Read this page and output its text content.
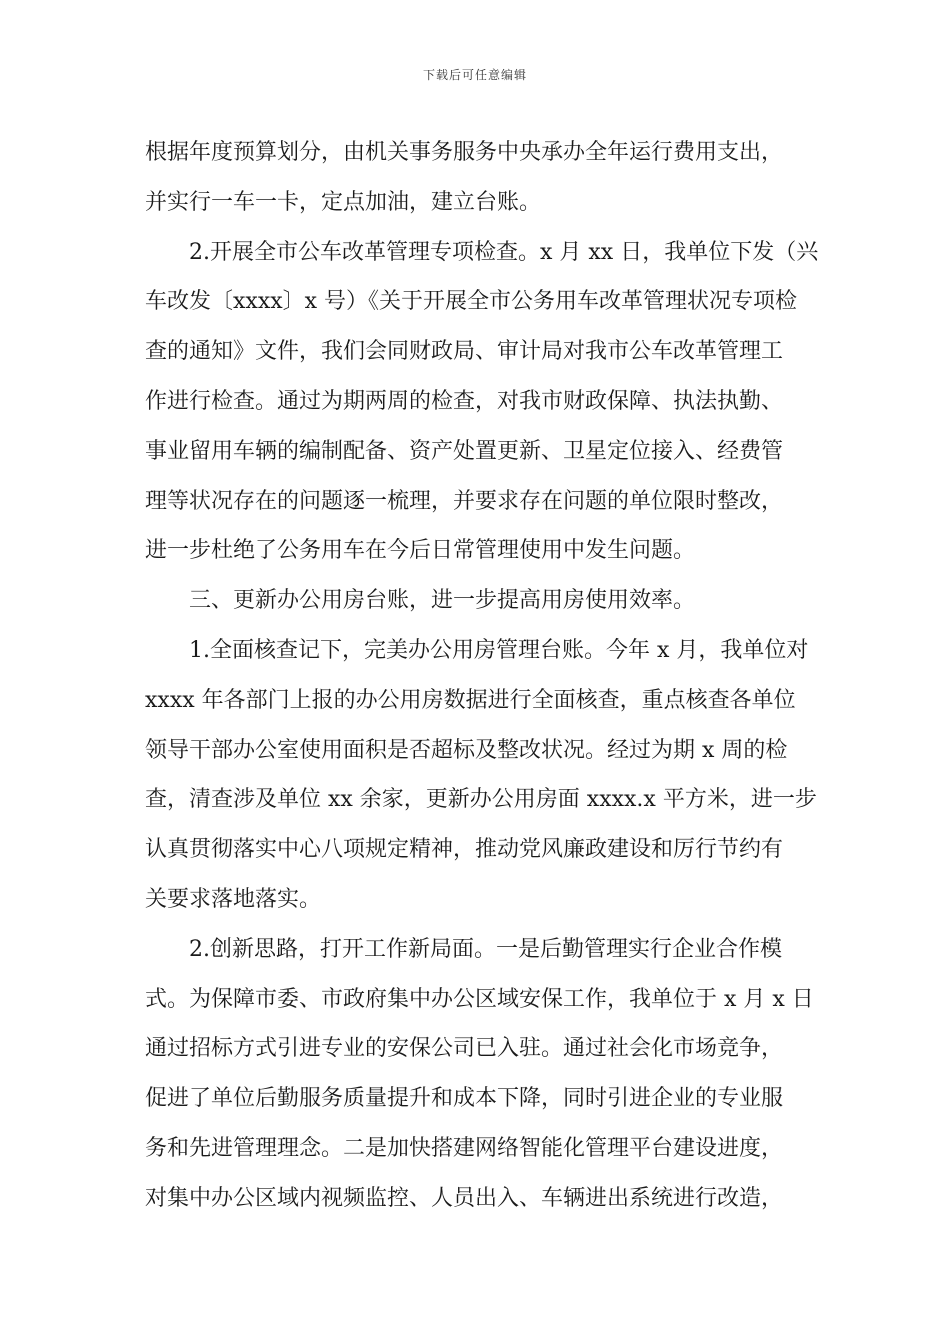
下载后可任意编辑

根据年度预算划分，由机关事务服务中央承办全年运行费用支出，
并实行一车一卡，定点加油，建立台账。

2.开展全市公车改革管理专项检查。x 月 xx 日，我单位下发（兴
车改发〔xxxx〕x 号）《关于开展全市公务用车改革管理状况专项检
查的通知》文件，我们会同财政局、审计局对我市公车改革管理工
作进行检查。通过为期两周的检查，对我市财政保障、执法执勤、
事业留用车辆的编制配备、资产处置更新、卫星定位接入、经费管
理等状况存在的问题逐一梳理，并要求存在问题的单位限时整改，
进一步杜绝了公务用车在今后日常管理使用中发生问题。

三、更新办公用房台账，进一步提高用房使用效率。

1.全面核查记下，完美办公用房管理台账。今年 x 月，我单位对
xxxx 年各部门上报的办公用房数据进行全面核查，重点核查各单位
领导干部办公室使用面积是否超标及整改状况。经过为期 x 周的检
查，清查涉及单位 xx 余家，更新办公用房面 xxxx.x 平方米，进一步
认真贯彻落实中心八项规定精神，推动党风廉政建设和厉行节约有
关要求落地落实。

2.创新思路，打开工作新局面。一是后勤管理实行企业合作模
式。为保障市委、市政府集中办公区域安保工作，我单位于 x 月 x 日
通过招标方式引进专业的安保公司已入驻。通过社会化市场竞争，
促进了单位后勤服务质量提升和成本下降，同时引进企业的专业服
务和先进管理理念。二是加快搭建网络智能化管理平台建设进度，
对集中办公区域内视频监控、人员出入、车辆进出系统进行改造，
